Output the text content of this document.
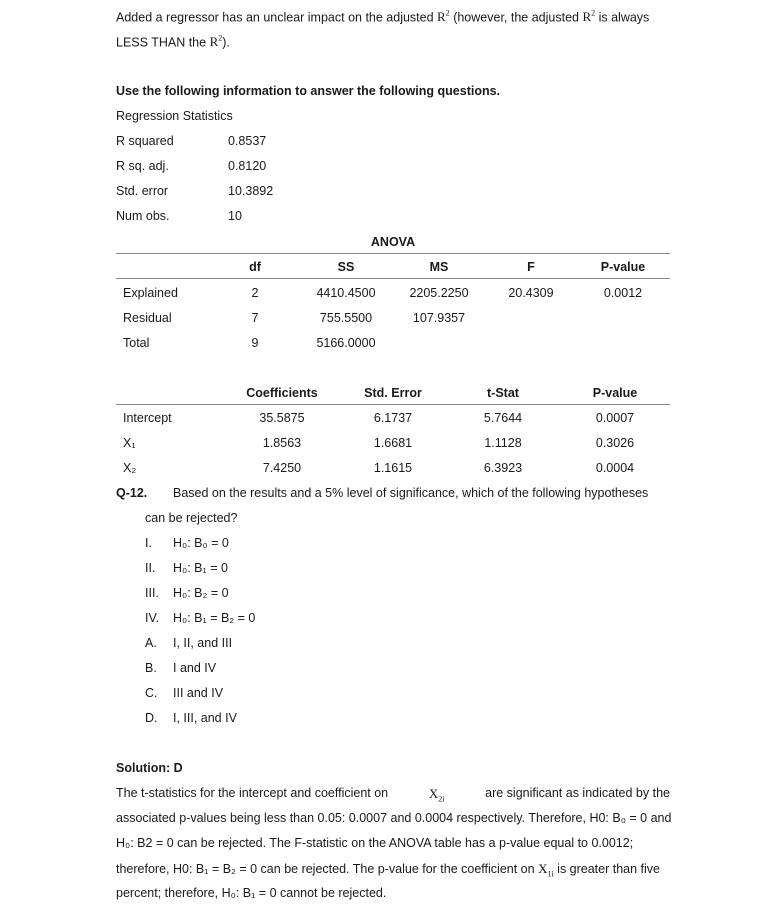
Added a regressor has an unclear impact on the adjusted $R^2$ (however, the adjusted $R^2$ is always
LESS THAN the $R^2$).
Use the following information to answer the following questions.
Regression Statistics
R squared	0.8537
R sq. adj.	0.8120
Std. error	10.3892
Num obs.	10
ANOVA
df	SS	MS	F	P-value
Explained	2	4410.4500	2205.2250	20.4309	0.0012
Residual	7	755.5500	107.9357
Total	9	5166.0000
Coefficients	Std. Error	t-Stat	P-value
Intercept	35.5875	6.1737	5.7644	0.0007
X₁	1.8563	1.6681	1.1128	0.3026
X₂	7.4250	1.1615	6.3923	0.0004
Q-12. Based on the results and a 5% level of significance, which of the following hypotheses
can be rejected?
I. H₀: B₀ = 0
II. H₀: B₁ = 0
III. H₀: B₂ = 0
IV. H₀: B₁ = B₂ = 0
A. I, II, and III
B. I and IV
C. III and IV
D. I, III, and IV
Solution: D
The t-statistics for the intercept and coefficient on	$X_{2i}$	are significant as indicated by the
associated p-values being less than 0.05: 0.0007 and 0.0004 respectively. Therefore, H0: B₀ = 0 and
H₀: B2 = 0 can be rejected. The F-statistic on the ANOVA table has a p-value equal to 0.0012;
therefore, H0: B₁ = B₂ = 0 can be rejected. The p-value for the coefficient on $X_{1i}$ is greater than five
percent; therefore, H₀: B₁ = 0 cannot be rejected.
